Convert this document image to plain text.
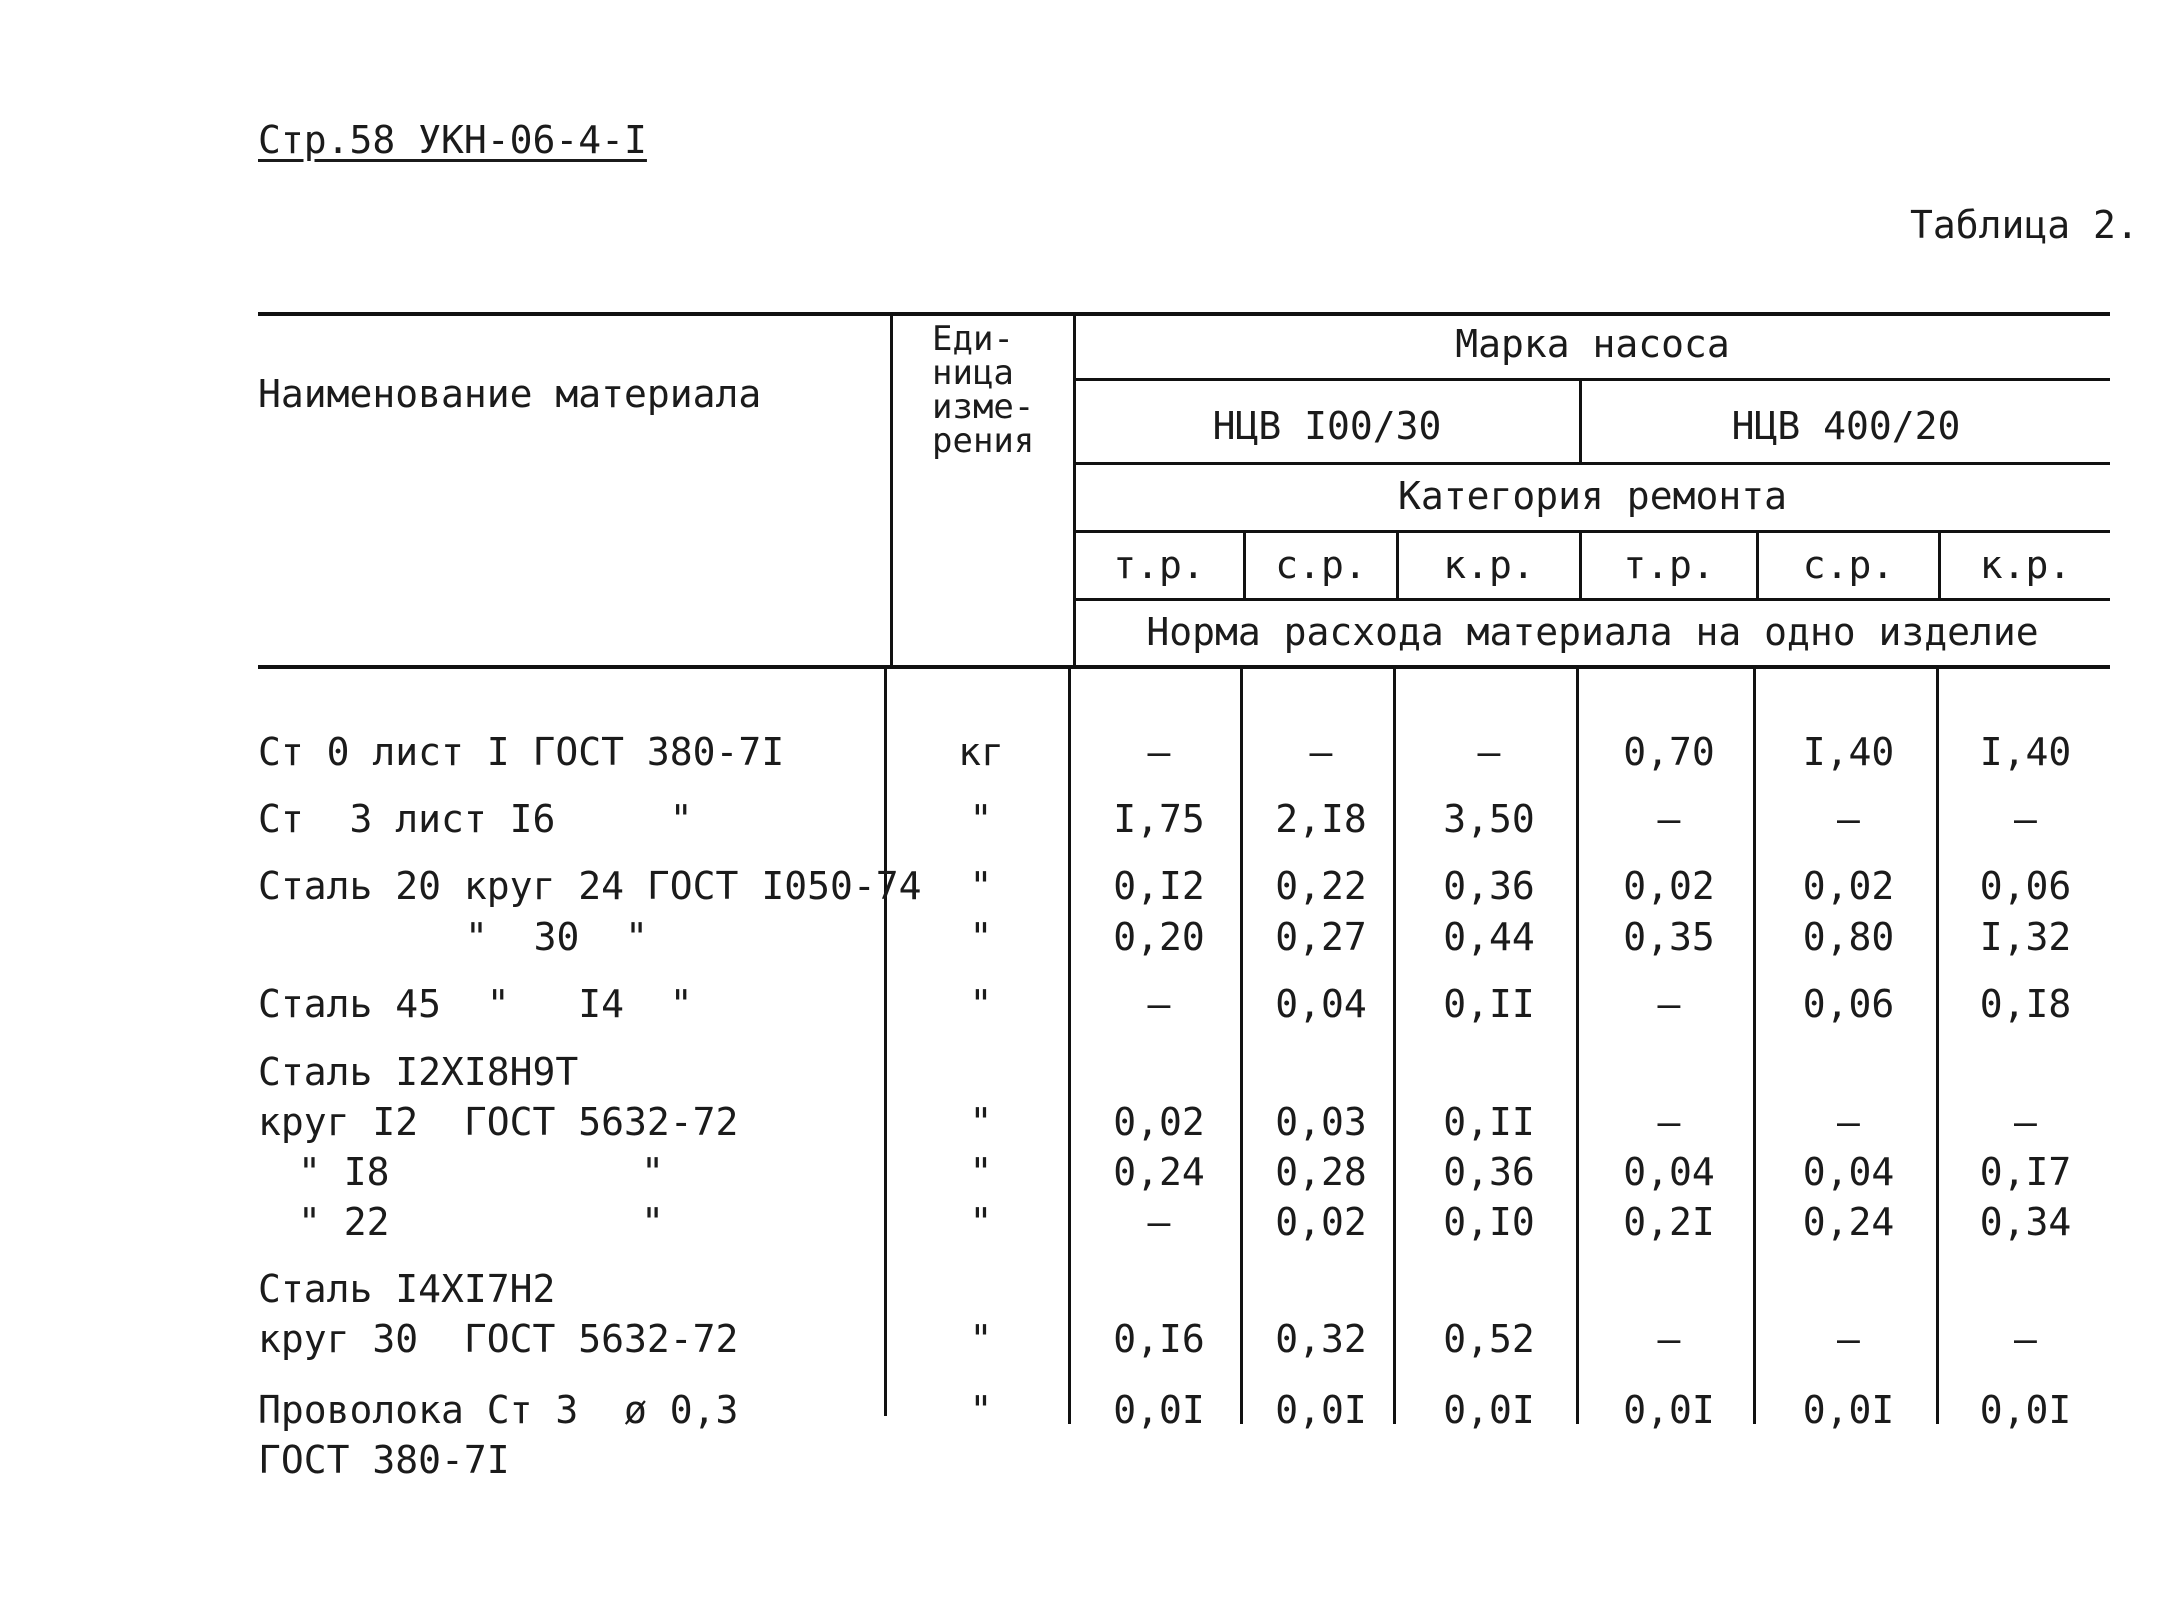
Стр.58 УКН-06-4-I
Таблица 2.
Наименование материала
Еди-
ница
изме-
рения
Марка насоса
НЦВ I00/30	НЦВ 400/20
Категория ремонта
т.р.	с.р.	к.р.	т.р.	с.р.	к.р.
Норма расхода материала на одно изделие
Ст 0 лист I ГОСТ 380-7I	кг	–	–	–	0,70	I,40	I,40
Ст  3 лист I6     "	"	I,75	2,I8	3,50	–	–	–
Сталь 20 круг 24 ГОСТ I050-74	"	0,I2	0,22	0,36	0,02	0,02	0,06
"  30  "	"	0,20	0,27	0,44	0,35	0,80	I,32
Сталь 45  "   I4  "	"	–	0,04	0,II	–	0,06	0,I8
Сталь I2XI8H9T
круг I2  ГОСТ 5632-72	"	0,02	0,03	0,II	–	–	–
" I8           "	"	0,24	0,28	0,36	0,04	0,04	0,I7
" 22           "	"	–	0,02	0,I0	0,2I	0,24	0,34
Сталь I4XI7H2
круг 30  ГОСТ 5632-72	"	0,I6	0,32	0,52	–	–	–
Проволока Ст 3  ø 0,3	"	0,0I	0,0I	0,0I	0,0I	0,0I	0,0I
ГОСТ 380-7I
